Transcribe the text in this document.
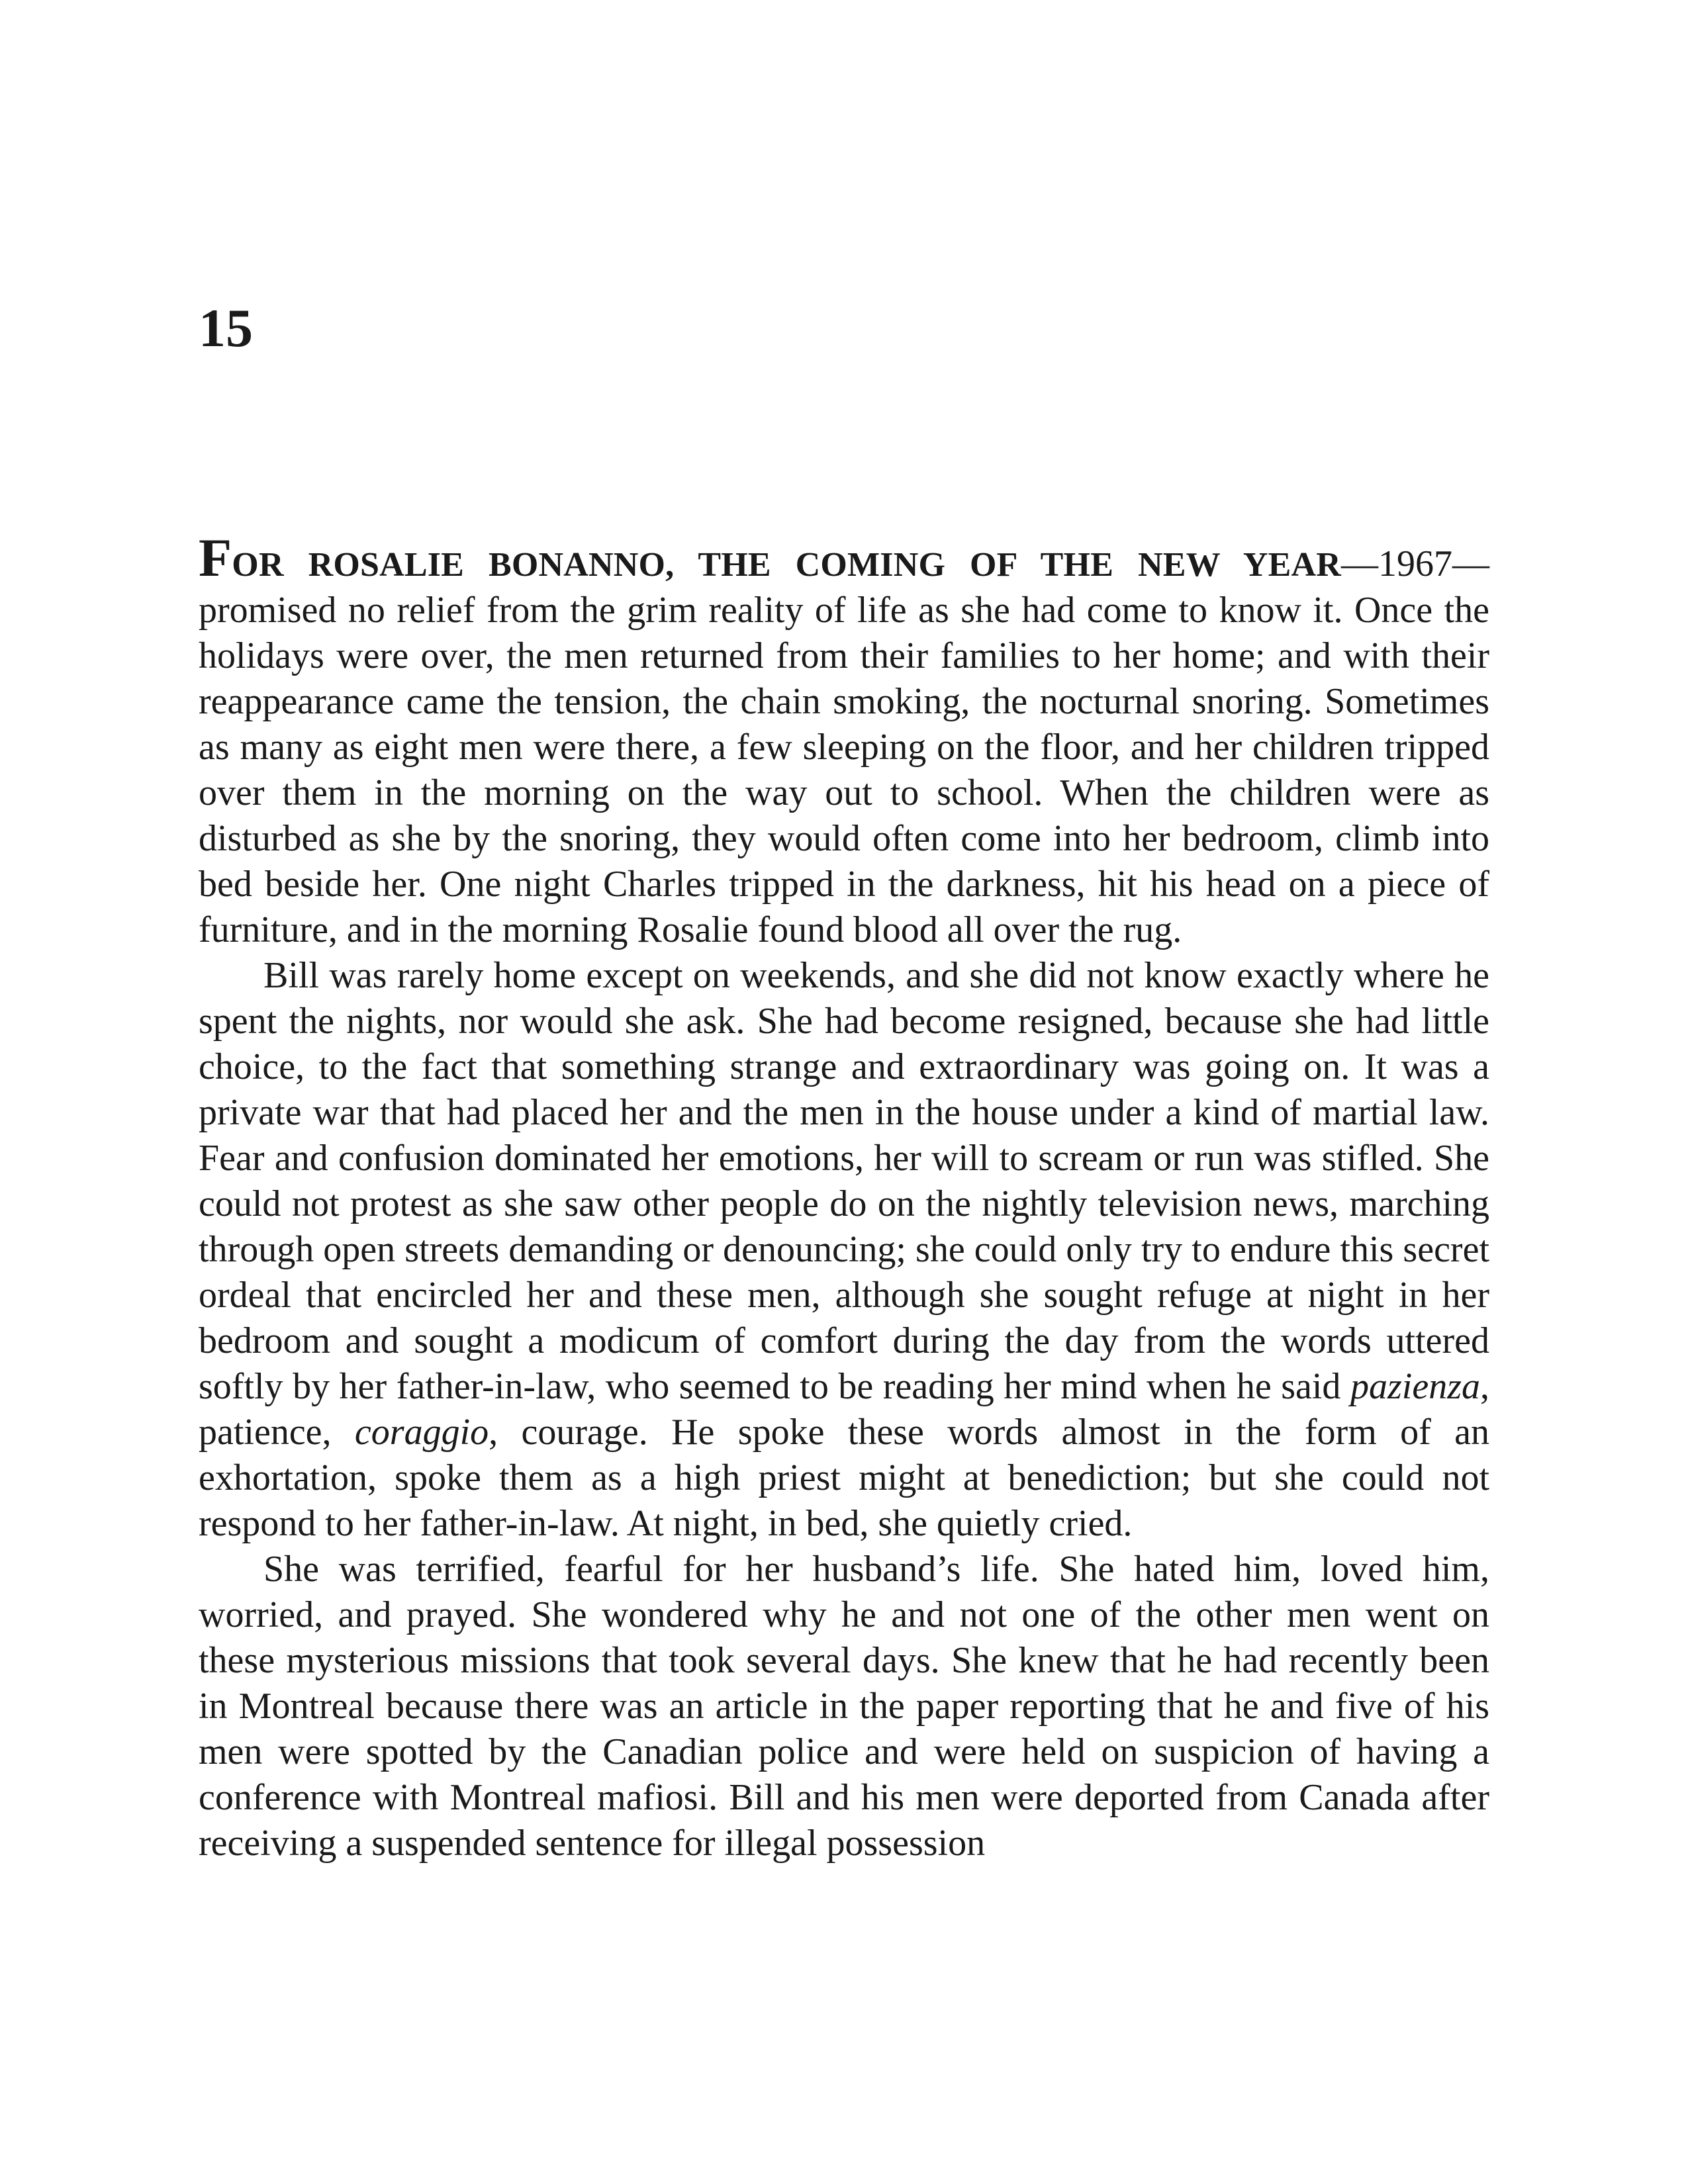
15

FOR ROSALIE BONANNO, THE COMING OF THE NEW YEAR—1967—promised no relief from the grim reality of life as she had come to know it. Once the holidays were over, the men returned from their families to her home; and with their reappearance came the tension, the chain smoking, the nocturnal snoring. Sometimes as many as eight men were there, a few sleeping on the floor, and her children tripped over them in the morning on the way out to school. When the children were as disturbed as she by the snoring, they would often come into her bedroom, climb into bed beside her. One night Charles tripped in the darkness, hit his head on a piece of furniture, and in the morning Rosalie found blood all over the rug.

Bill was rarely home except on weekends, and she did not know exactly where he spent the nights, nor would she ask. She had become resigned, because she had little choice, to the fact that something strange and extraordinary was going on. It was a private war that had placed her and the men in the house under a kind of martial law. Fear and confusion dominated her emotions, her will to scream or run was stifled. She could not protest as she saw other people do on the nightly television news, marching through open streets demanding or denouncing; she could only try to endure this secret ordeal that encircled her and these men, although she sought refuge at night in her bedroom and sought a modicum of comfort during the day from the words uttered softly by her father-in-law, who seemed to be reading her mind when he said pazienza, patience, coraggio, courage. He spoke these words almost in the form of an exhortation, spoke them as a high priest might at benediction; but she could not respond to her father-in-law. At night, in bed, she quietly cried.

She was terrified, fearful for her husband’s life. She hated him, loved him, worried, and prayed. She wondered why he and not one of the other men went on these mysterious missions that took several days. She knew that he had recently been in Montreal because there was an article in the paper reporting that he and five of his men were spotted by the Canadian police and were held on suspicion of having a conference with Montreal mafiosi. Bill and his men were deported from Canada after receiving a suspended sentence for illegal possession
